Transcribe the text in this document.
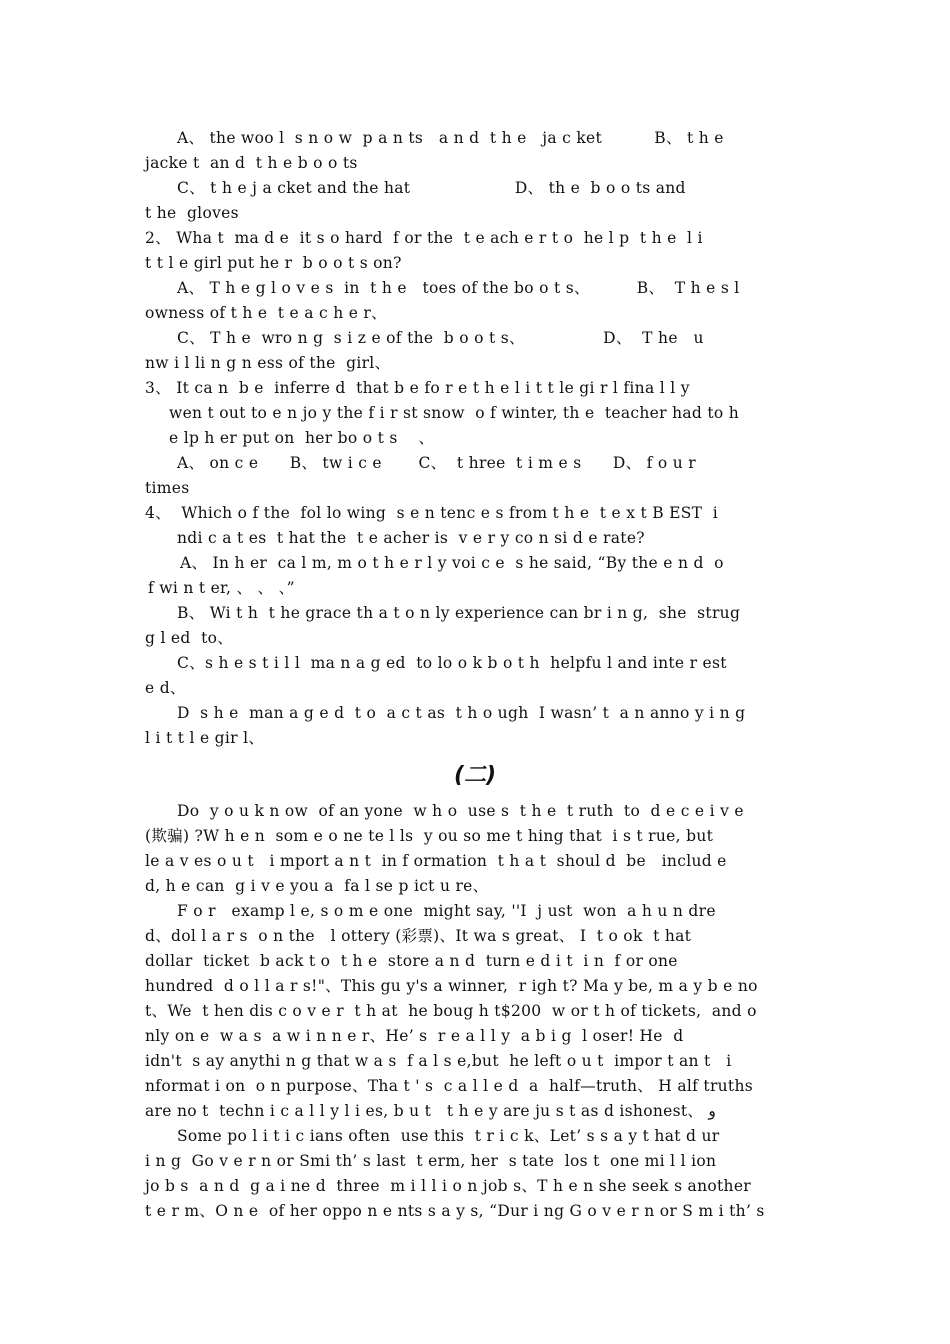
A、 the woo l  s n o w  p a n ts   a n d  t h e   ja c ket          B、 t h e
jacke t  an d  t h e b o o ts
C、 t h e j a cket and the hat                    D、 th e  b o o ts and
t he  gloves
2、 Wha t  ma d e  it s o hard  f or the  t e ach e r t o  he l p  t h e  l i
t t l e girl put he r  b o o t s on?
A、 T h e g l o v e s  in  t h e   toes of the bo o t s、         B、  T h e s l
owness of t h e  t e a c h e r、
C、 T h e  wro n g  s i z e of the  b o o t s、               D、  T he   u
nw i l li n g n ess of the  girl、
3、 It ca n  b e  inferre d  that b e fo r e t h e l i t t le gi r l fina l l y
wen t out to e n jo y the f i r st snow  o f winter, th e  teacher had to h
e lp h er put on  her bo o t s    、
A、 on c e      B、 tw i c e       C、  t hree  t i m e s      D、 f o u r
times
4、  Which o f the  fol lo wing  s e n tenc e s from t h e  t e x t B EST  i
ndi c a t es  t hat the  t e acher is  v e r y co n si d e rate?
A、 In h er  ca l m, m o t h e r l y voi c e  s he said, “By the e n d  o
f wi n t er, 、 、 、”
B、 Wi t h  t he grace th a t o n ly experience can br i n g,  she  strug
g l ed  to、
C、s h e s t i l l  ma n a g ed  to lo o k b o t h  helpfu l and inte r est
e d、
D  s h e  man a g e d  t o  a c t as  t h o ugh  I wasn’ t  a n anno y i n g
l i t t l e gir l、
(二)
Do  y o u k n ow  of an yone  w h o  use s  t h e  t ruth  to  d e c e i v e
(欺骗) ?W h e n  som e o ne te l ls  y ou so me t hing that  i s t rue, but
le a v es o u t   i mport a n t  in f ormation  t h a t  shoul d  be   includ e
d, h e can  g i v e you a  fa l se p ict u re、
F o r   examp l e, s o m e one  might say, ''I  j ust  won  a h u n dre
d、dol l a r s  o n the   l ottery (彩票)、It wa s great、 I  t o ok  t hat
dollar  ticket  b ack t o  t h e  store a n d  turn e d i t  i n  f or one
hundred  d o l l a r s!"、This gu y's a winner,  r igh t? Ma y be, m a y b e no
t、We  t hen dis c o v e r  t h at  he boug h t$200  w or t h of tickets,  and o
nly on e  w a s  a w i n n e r、He’ s  r e a l l y  a b i g  l oser! He  d
idn't  s ay anythi n g that w a s  f a l s e,but  he left o u t  impor t an t   i
nformat i on  o n purpose、Tha t ' s  c a l l e d  a  half—truth、 H alf truths
are no t  techn i c a l l y l i es, b u t   t h e y are ju s t as d ishonest、 ﻭ
Some po l i t i c ians often  use this  t r i c k、Let’ s s a y t hat d ur
i n g  Go v e r n or Smi th’ s last  t erm, her  s tate  los t  one mi l l ion
jo b s  a n d  g a i ne d  three  m i l l i o n job s、T h e n she seek s another
t e r m、O n e  of her oppo n e nts s a y s, “Dur i ng G o v e r n or S m i th’ s
